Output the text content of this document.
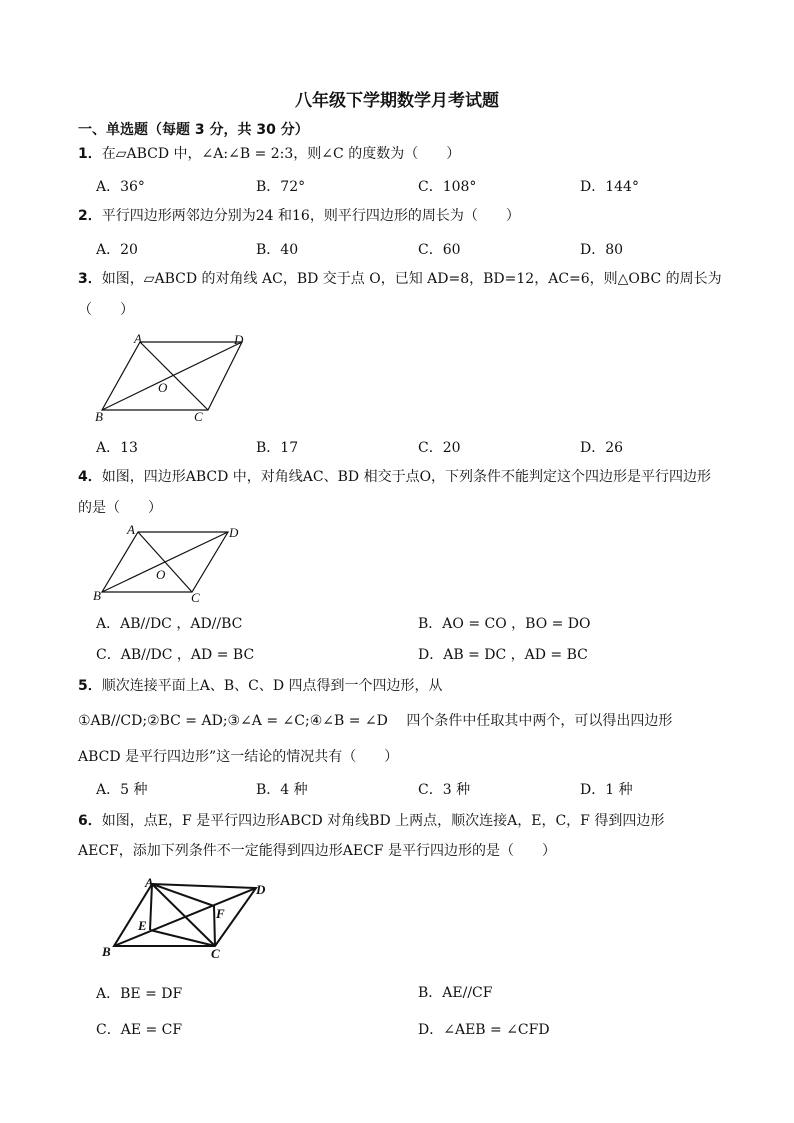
八年级下学期数学月考试题
一、单选题（每题 3 分，共 30 分）
1．在▱ABCD 中，∠A:∠B = 2:3，则∠C 的度数为（　　）
A．36°	B．72°	C．108°	D．144°
2．平行四边形两邻边分别为24 和16，则平行四边形的周长为（　　）
A．20	B．40	C．60	D．80
3．如图，▱ABCD 的对角线 AC，BD 交于点 O，已知 AD=8，BD=12，AC=6，则△OBC 的周长为
（　　）
A	D
O
B	C
A．13	B．17	C．20	D．26
4．如图，四边形ABCD 中，对角线AC、BD 相交于点O，下列条件不能判定这个四边形是平行四边形
的是（　　）
A	D
O
B	C
A．AB//DC ，AD//BC	B．AO = CO ，BO = DO
C．AB//DC ，AD = BC	D．AB = DC ，AD = BC
5．顺次连接平面上A、B、C、D 四点得到一个四边形，从
①AB//CD;②BC = AD;③∠A = ∠C;④∠B = ∠D　 四个条件中任取其中两个，可以得出四边形
ABCD 是平行四边形”这一结论的情况共有（　　）
A．5 种	B．4 种	C．3 种	D．1 种
6．如图，点E，F 是平行四边形ABCD 对角线BD 上两点，顺次连接A，E，C，F 得到四边形
AECF，添加下列条件不一定能得到四边形AECF 是平行四边形的是（　　）
A	D
E
F
B	C
A．BE = DF	B．AE//CF
C．AE = CF	D．∠AEB = ∠CFD
